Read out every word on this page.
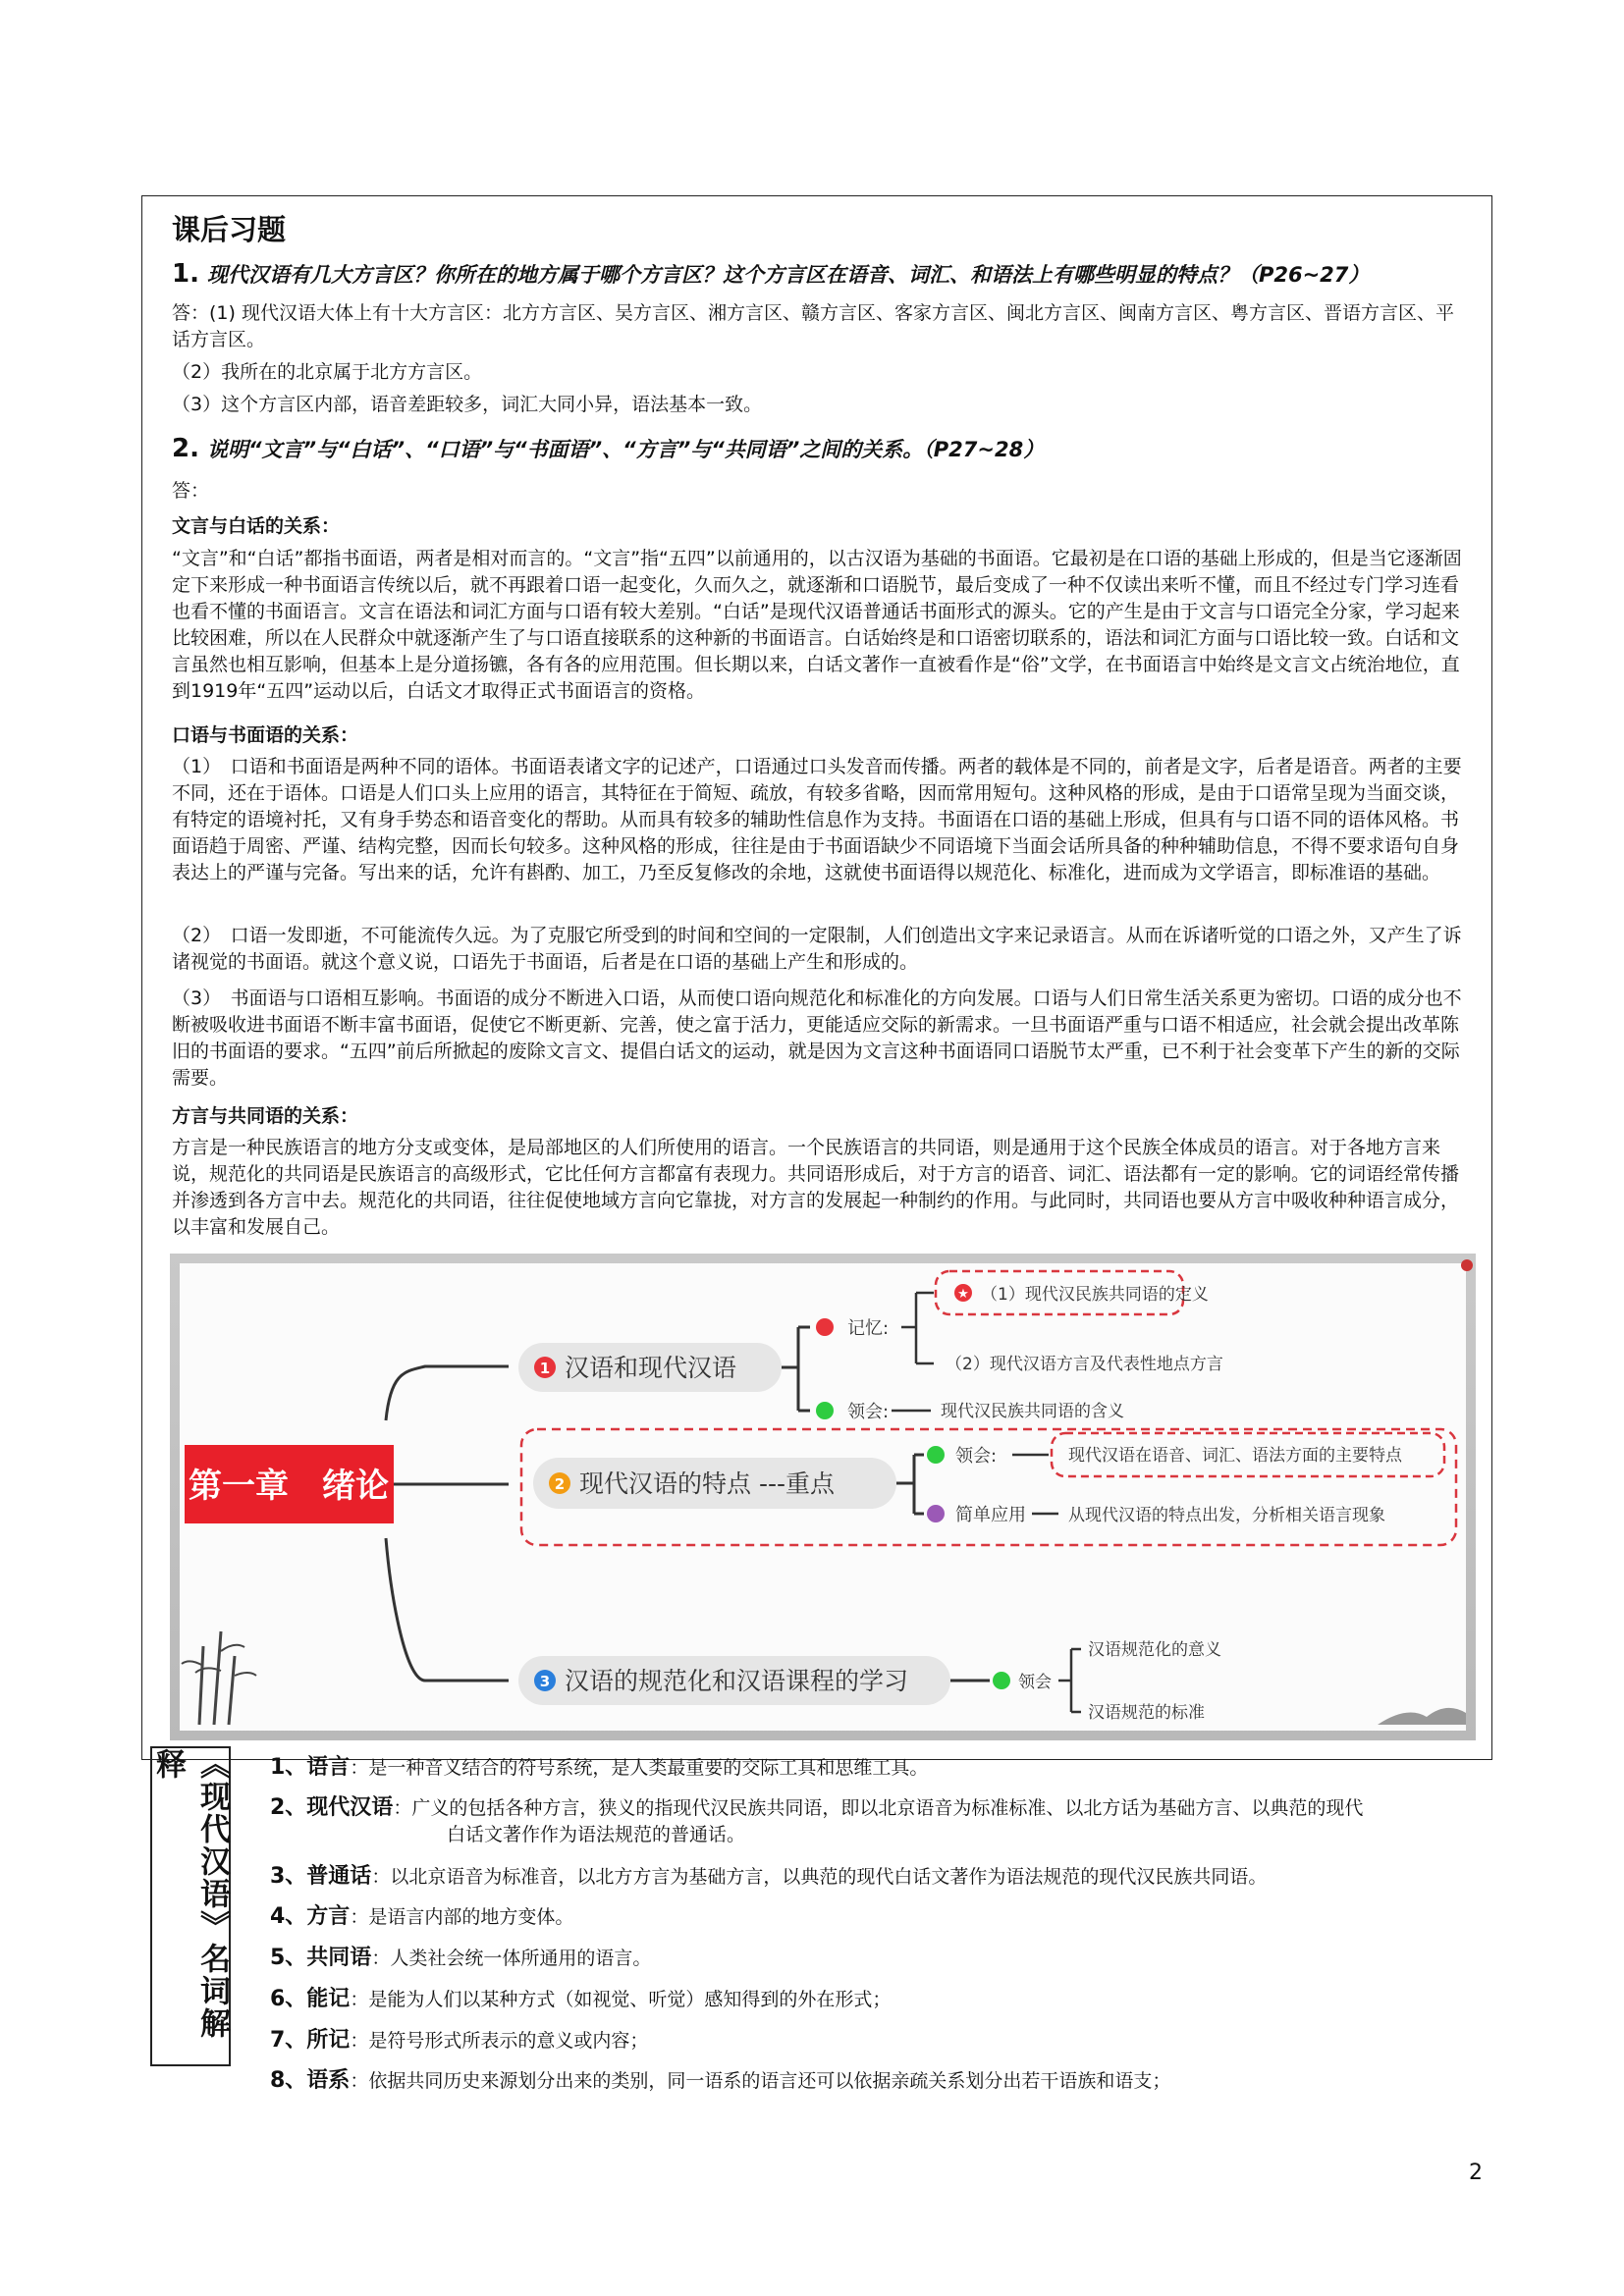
课后习题
1. 现代汉语有几大方言区？你所在的地方属于哪个方言区？这个方言区在语音、词汇、和语法上有哪些明显的特点？（P26~27）
答：(1) 现代汉语大体上有十大方言区：北方方言区、吴方言区、湘方言区、赣方言区、客家方言区、闽北方言区、闽南方言区、粤方言区、晋语方言区、平话方言区。
（2）我所在的北京属于北方方言区。
（3）这个方言区内部，语音差距较多，词汇大同小异，语法基本一致。
2. 说明“文言”与“白话”、“口语”与“书面语”、“方言”与“共同语”之间的关系。（P27~28）
答：
文言与白话的关系：
“文言”和“白话”都指书面语，两者是相对而言的。“文言”指“五四”以前通用的，以古汉语为基础的书面语。它最初是在口语的基础上形成的，但是当它逐渐固定下来形成一种书面语言传统以后，就不再跟着口语一起变化，久而久之，就逐渐和口语脱节，最后变成了一种不仅读出来听不懂，而且不经过专门学习连看也看不懂的书面语言。文言在语法和词汇方面与口语有较大差别。“白话”是现代汉语普通话书面形式的源头。它的产生是由于文言与口语完全分家，学习起来比较困难，所以在人民群众中就逐渐产生了与口语直接联系的这种新的书面语言。白话始终是和口语密切联系的，语法和词汇方面与口语比较一致。白话和文言虽然也相互影响，但基本上是分道扬镳，各有各的应用范围。但长期以来，白话文著作一直被看作是“俗”文学，在书面语言中始终是文言文占统治地位，直到1919年“五四”运动以后，白话文才取得正式书面语言的资格。
口语与书面语的关系：
（1）　口语和书面语是两种不同的语体。书面语表诸文字的记述产，口语通过口头发音而传播。两者的载体是不同的，前者是文字，后者是语音。两者的主要不同，还在于语体。口语是人们口头上应用的语言，其特征在于简短、疏放，有较多省略，因而常用短句。这种风格的形成，是由于口语常呈现为当面交谈，有特定的语境衬托，又有身手势态和语音变化的帮助。从而具有较多的辅助性信息作为支持。书面语在口语的基础上形成，但具有与口语不同的语体风格。书面语趋于周密、严谨、结构完整，因而长句较多。这种风格的形成，往往是由于书面语缺少不同语境下当面会话所具备的种种辅助信息，不得不要求语句自身表达上的严谨与完备。写出来的话，允许有斟酌、加工，乃至反复修改的余地，这就使书面语得以规范化、标准化，进而成为文学语言，即标准语的基础。
（2）　口语一发即逝，不可能流传久远。为了克服它所受到的时间和空间的一定限制，人们创造出文字来记录语言。从而在诉诸听觉的口语之外，又产生了诉诸视觉的书面语。就这个意义说，口语先于书面语，后者是在口语的基础上产生和形成的。
（3）　书面语与口语相互影响。书面语的成分不断进入口语，从而使口语向规范化和标准化的方向发展。口语与人们日常生活关系更为密切。口语的成分也不断被吸收进书面语不断丰富书面语，促使它不断更新、完善，使之富于活力，更能适应交际的新需求。一旦书面语严重与口语不相适应，社会就会提出改革陈旧的书面语的要求。“五四”前后所掀起的废除文言文、提倡白话文的运动，就是因为文言这种书面语同口语脱节太严重，已不利于社会变革下产生的新的交际需要。
方言与共同语的关系：
方言是一种民族语言的地方分支或变体，是局部地区的人们所使用的语言。一个民族语言的共同语，则是通用于这个民族全体成员的语言。对于各地方言来说，规范化的共同语是民族语言的高级形式，它比任何方言都富有表现力。共同语形成后，对于方言的语音、词汇、语法都有一定的影响。它的词语经常传播并渗透到各方言中去。规范化的共同语，往往促使地域方言向它靠拢，对方言的发展起一种制约的作用。与此同时，共同语也要从方言中吸收种种语言成分，以丰富和发展自己。
第一章　绪论
1 汉语和现代汉语
记忆:
领会:
★ （1）现代汉民族共同语的定义
（2）现代汉语方言及代表性地点方言
现代汉民族共同语的含义
2 现代汉语的特点 ---重点
领会:
简单应用
现代汉语在语音、词汇、语法方面的主要特点
从现代汉语的特点出发，分析相关语言现象
3 汉语的规范化和汉语课程的学习	领会
汉语规范化的意义
汉语规范的标准
《现代汉语》名词解释	1、语言：是一种音义结合的符号系统，是人类最重要的交际工具和思维工具。
2、现代汉语：广义的包括各种方言，狭义的指现代汉民族共同语，即以北京语音为标准标准、以北方话为基础方言、以典范的现代
白话文著作作为语法规范的普通话。
3、普通话：以北京语音为标准音，以北方方言为基础方言，以典范的现代白话文著作为语法规范的现代汉民族共同语。
4、方言：是语言内部的地方变体。
5、共同语：人类社会统一体所通用的语言。
6、能记：是能为人们以某种方式（如视觉、听觉）感知得到的外在形式；
7、所记：是符号形式所表示的意义或内容；
8、语系：依据共同历史来源划分出来的类别，同一语系的语言还可以依据亲疏关系划分出若干语族和语支；
2
